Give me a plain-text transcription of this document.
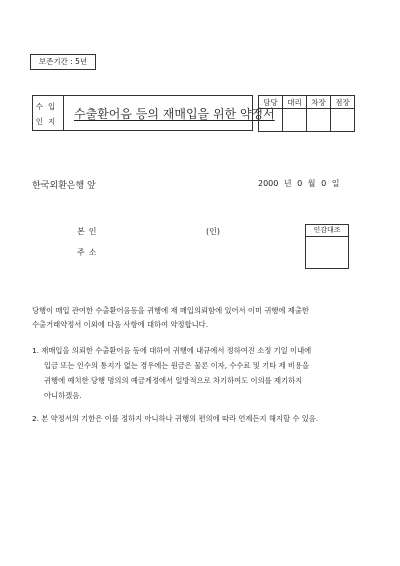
보존기간 : 5년
수입
인지
수출환어음 등의 재매입을 위한 약정서
담당	대리	차장	점장

한국외환은행 앞	2000 년 0 월 0 일
본인	(인)
주소
인감대조
당행이 매입 관여한 수출환어음등을 귀행에 재 매입의뢰함에 있어서 이미 귀행에 제출한
수출거래약정서 이외에 다음 사항에 대하여 약정합니다.
1. 재매입을 의뢰한 수출환어음 등에 대하여 귀행에 내규에서 정하여진 소정 기일 이내에
입금 또는 인수의 통지가 없는 경우에는 원금은 물론 이자, 수수료 및 기타 제 비용을
귀행에 예치한 당행 명의의 예금계정에서 일방적으로 차기하여도 이의를 제기하지
아니하겠음.
2. 본 약정서의 기한은 이를 정하지 아니하나 귀행의 편의에 따라 언제든지 해지할 수 있음.
